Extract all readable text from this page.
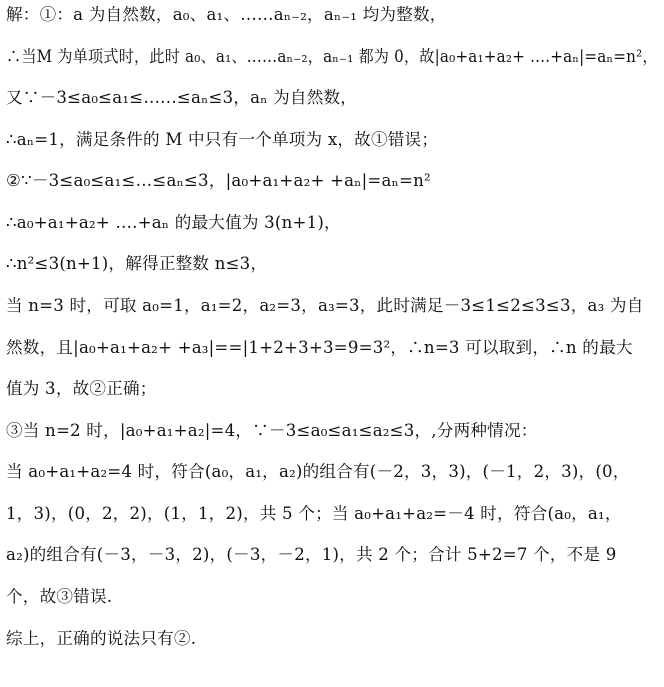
解：①：a 为自然数，a₀、a₁、……aₙ₋₂，aₙ₋₁ 均为整数，
∴当M 为单项式时，此时 a₀、a₁、……aₙ₋₂，aₙ₋₁ 都为 0，故|a₀+a₁+a₂+ ….+aₙ|=aₙ=n²，
又∵－3≤a₀≤a₁≤……≤aₙ≤3，aₙ 为自然数，
∴aₙ=1，满足条件的 M 中只有一个单项为 x，故①错误；
②∵－3≤a₀≤a₁≤…≤aₙ≤3，|a₀+a₁+a₂+ +aₙ|=aₙ=n²
∴a₀+a₁+a₂+ ….+aₙ 的最大值为 3(n+1)，
∴n²≤3(n+1)，解得正整数 n≤3，
当 n=3 时，可取 a₀=1，a₁=2，a₂=3，a₃=3，此时满足－3≤1≤2≤3≤3，a₃ 为自
然数，且|a₀+a₁+a₂+ +a₃|==|1+2+3+3=9=3²，∴n=3 可以取到，∴n 的最大
值为 3，故②正确；
③当 n=2 时，|a₀+a₁+a₂|=4，∵－3≤a₀≤a₁≤a₂≤3，,分两种情况：
当 a₀+a₁+a₂=4 时，符合(a₀，a₁，a₂)的组合有(－2，3，3)，(－1，2，3)，(0，
1，3)，(0，2，2)，(1，1，2)，共 5 个；当 a₀+a₁+a₂=－4 时，符合(a₀，a₁，
a₂)的组合有(－3，－3，2)，(－3，－2，1)，共 2 个；合计 5+2=7 个，不是 9
个，故③错误.
综上，正确的说法只有②.
